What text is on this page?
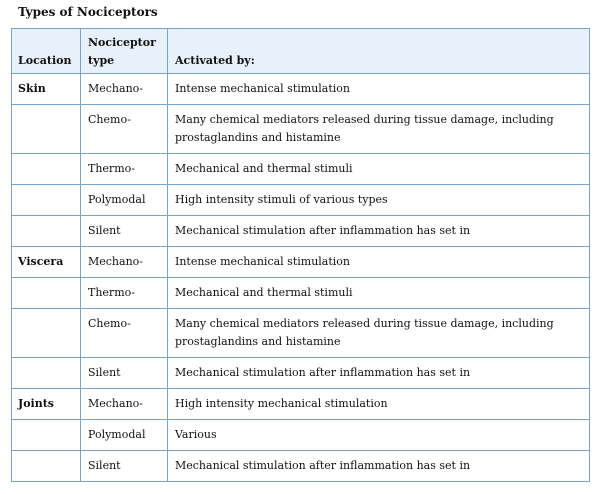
Types of Nociceptors
Location	Nociceptor type	Activated by:
Skin	Mechano-	Intense mechanical stimulation
	Chemo-	Many chemical mediators released during tissue damage, including prostaglandins and histamine
	Thermo-	Mechanical and thermal stimuli
	Polymodal	High intensity stimuli of various types
	Silent	Mechanical stimulation after inflammation has set in
Viscera	Mechano-	Intense mechanical stimulation
	Thermo-	Mechanical and thermal stimuli
	Chemo-	Many chemical mediators released during tissue damage, including prostaglandins and histamine
	Silent	Mechanical stimulation after inflammation has set in
Joints	Mechano-	High intensity mechanical stimulation
	Polymodal	Various
	Silent	Mechanical stimulation after inflammation has set in
